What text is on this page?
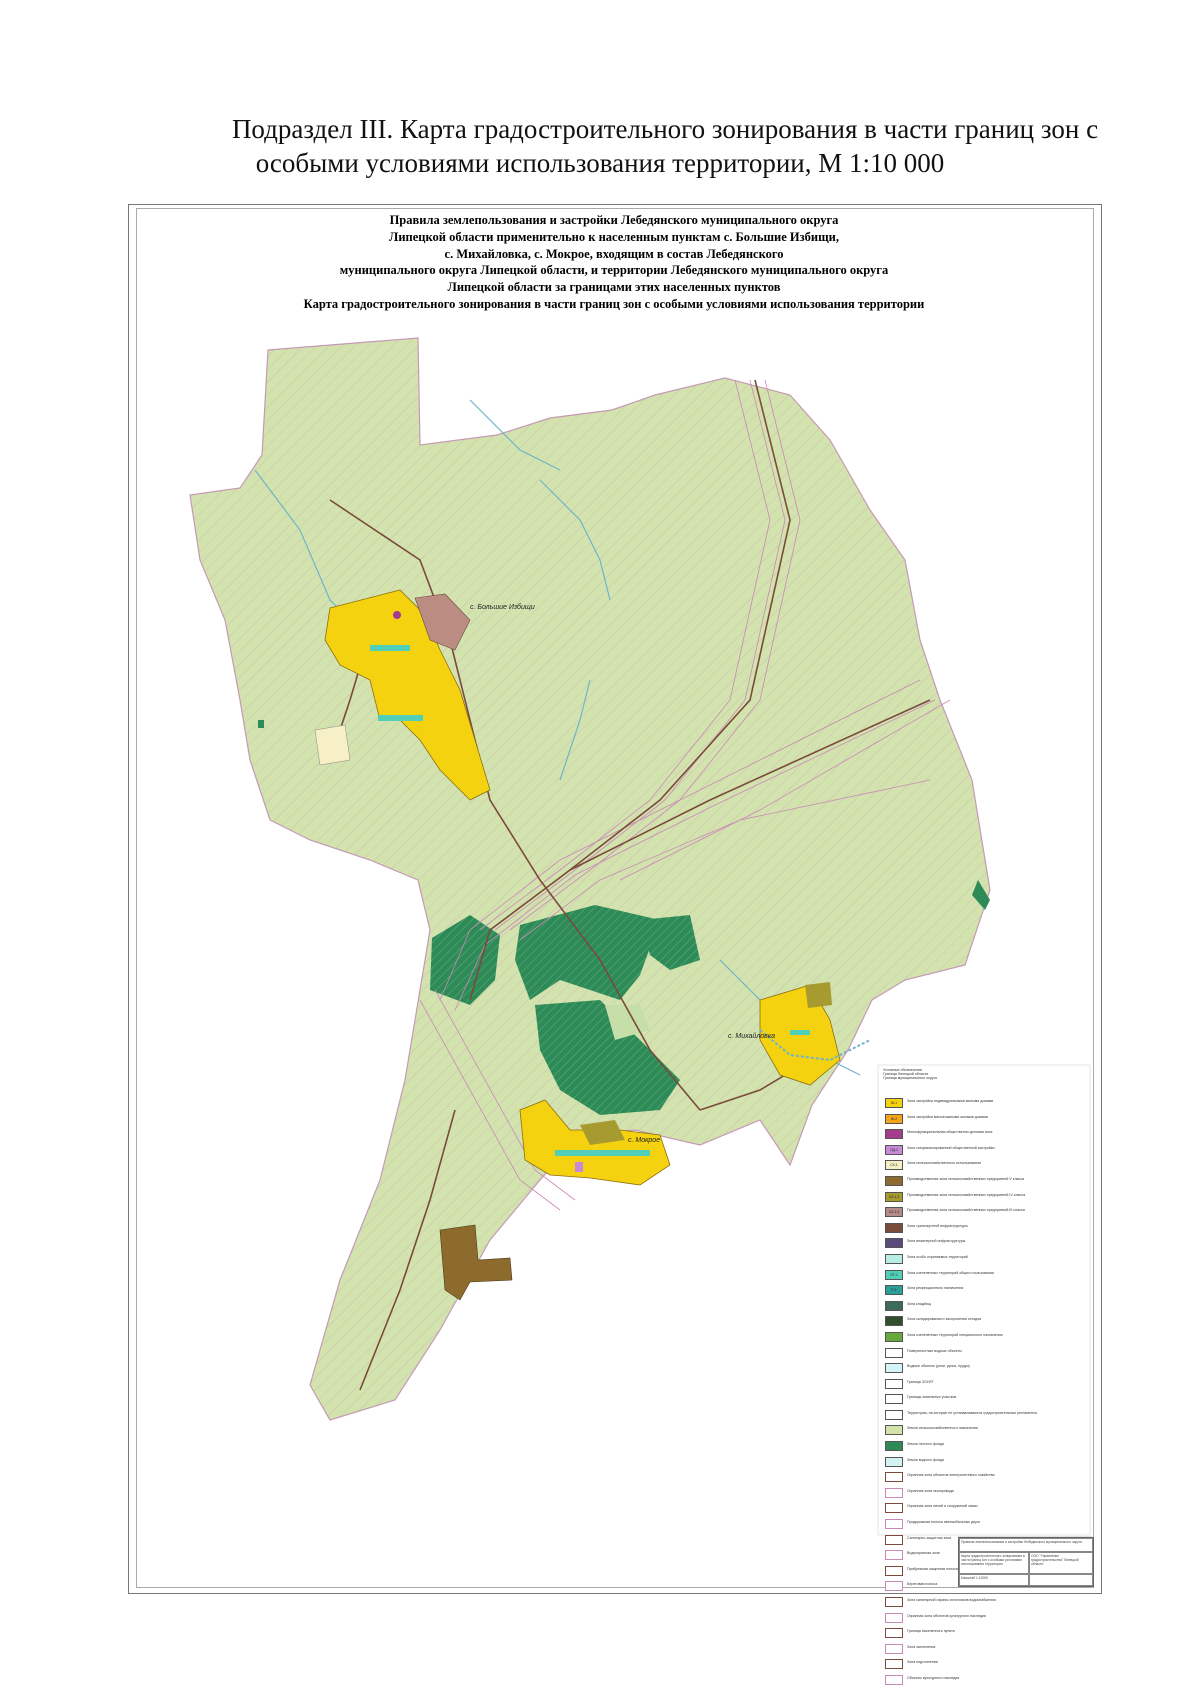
Подраздел III. Карта градостроительного зонирования в части границ зон с
особыми условиями использования территории, М 1:10 000
Правила землепользования и застройки Лебедянского муниципального округа
Липецкой области применительно к населенным пунктам с. Большие Избищи,
с. Михайловка, с. Мокрое, входящим в состав Лебедянского
муниципального округа Липецкой области, и территории Лебедянского муниципального округа
Липецкой области за границами этих населенных пунктов
Карта градостроительного зонирования в части границ зон с особыми условиями использования территории
с. Большие Избищи
с. Михайловка
с. Мокрое
Условные обозначения
Граница Липецкой области
Граница муниципального округа
Ж-1	Зона застройки индивидуальными жилыми домами
Ж-2	Зона застройки малоэтажными жилыми домами
Многофункциональная общественно-деловая зона
ОД-1	Зона специализированной общественной застройки
СХ-1	Зона сельскохозяйственного использования
Производственная зона сельскохозяйственных предприятий V класса
СХ-1.2	Производственная зона сельскохозяйственных предприятий IV класса
СХ-1.3	Производственная зона сельскохозяйственных предприятий III класса
Зона транспортной инфраструктуры
Зона инженерной инфраструктуры
Зона особо охраняемых территорий
ОТ-1	Зона озелененных территорий общего пользования
Р-1	Зона рекреационного назначения
Зона кладбищ
Зона складирования и захоронения отходов
Зона озелененных территорий специального назначения
Поверхностные водные объекты
Водные объекты (реки, ручьи, пруды)
Граница ЗОУИТ
Границы земельных участков
Территории, на которые не устанавливаются градостроительные регламенты
Земли сельскохозяйственного назначения
Земли лесного фонда
Земли водного фонда
Охранная зона объектов электросетевого хозяйства
Охранная зона газопровода
Охранная зона линий и сооружений связи
Придорожная полоса автомобильных дорог
Санитарно-защитная зона
Водоохранная зона
Прибрежная защитная полоса
Береговая полоса
Зона санитарной охраны источников водоснабжения
Охранная зона объектов культурного наследия
Граница населенного пункта
Зона затопления
Зона подтопления
Объекты культурного наследия
Правила землепользования и застройки Лебедянского муниципального округа
Карта градостроительного зонирования в части границ зон с особыми условиями использования территории
ООО "Управление градостроительства" Липецкой области
Масштаб 1:10000
